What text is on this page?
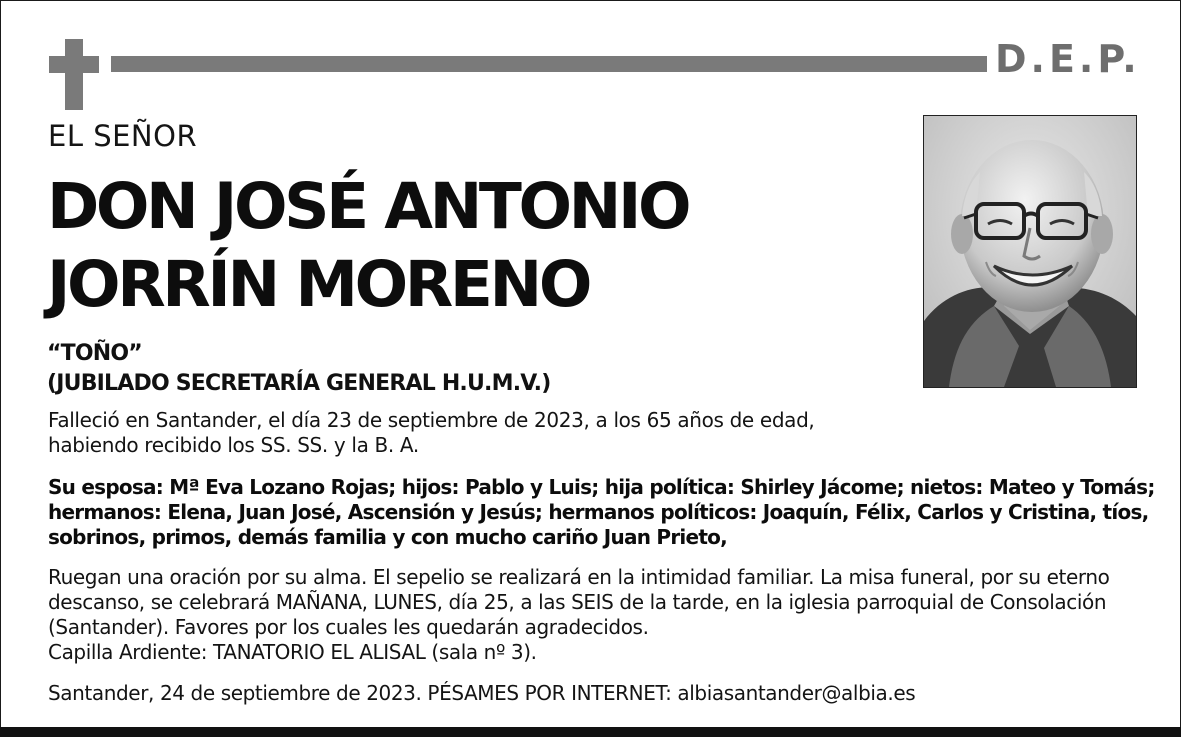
D.E.P.
EL SEÑOR
DON JOSÉ ANTONIO
JORRÍN MORENO
“TOÑO”
(JUBILADO SECRETARÍA GENERAL H.U.M.V.)
Falleció en Santander, el día 23 de septiembre de 2023, a los 65 años de edad,
habiendo recibido los SS. SS. y la B. A.
Su esposa: Mª Eva Lozano Rojas; hijos: Pablo y Luis; hija política: Shirley Jácome; nietos: Mateo y Tomás;
hermanos: Elena, Juan José, Ascensión y Jesús; hermanos políticos: Joaquín, Félix, Carlos y Cristina, tíos,
sobrinos, primos, demás familia y con mucho cariño Juan Prieto,
Ruegan una oración por su alma. El sepelio se realizará en la intimidad familiar. La misa funeral, por su eterno
descanso, se celebrará MAÑANA, LUNES, día 25, a las SEIS de la tarde, en la iglesia parroquial de Consolación
(Santander). Favores por los cuales les quedarán agradecidos.
Capilla Ardiente: TANATORIO EL ALISAL (sala nº 3).
Santander, 24 de septiembre de 2023. PÉSAMES POR INTERNET: albiasantander@albia.es
